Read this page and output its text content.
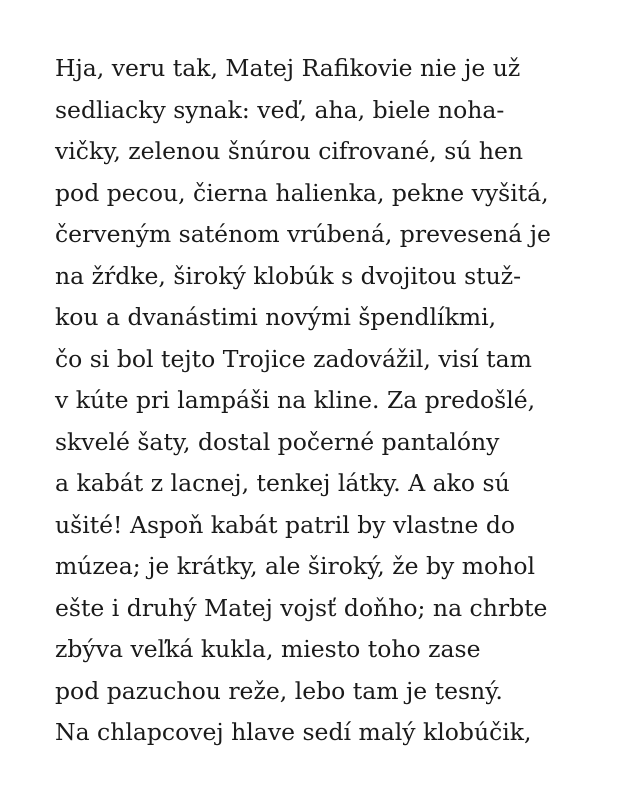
Hja, veru tak, Matej Rafikovie nie je už
sedliacky synak: veď, aha, biele noha-
vičky, zelenou šnúrou cifrované, sú hen
pod pecou, čierna halienka, pekne vyšitá,
červeným saténom vrúbená, prevesená je
na žŕdke, široký klobúk s dvojitou stuž-
kou a dvanástimi novými špendlíkmi,
čo si bol tejto Trojice zadovážil, visí tam
v kúte pri lampáši na kline. Za predošlé,
skvelé šaty, dostal počerné pantalóny
a kabát z lacnej, tenkej látky. A ako sú
ušité! Aspoň kabát patril by vlastne do
múzea; je krátky, ale široký, že by mohol
ešte i druhý Matej vojsť doňho; na chrbte
zbýva veľká kukla, miesto toho zase
pod pazuchou reže, lebo tam je tesný.
Na chlapcovej hlave sedí malý klobúčik,
